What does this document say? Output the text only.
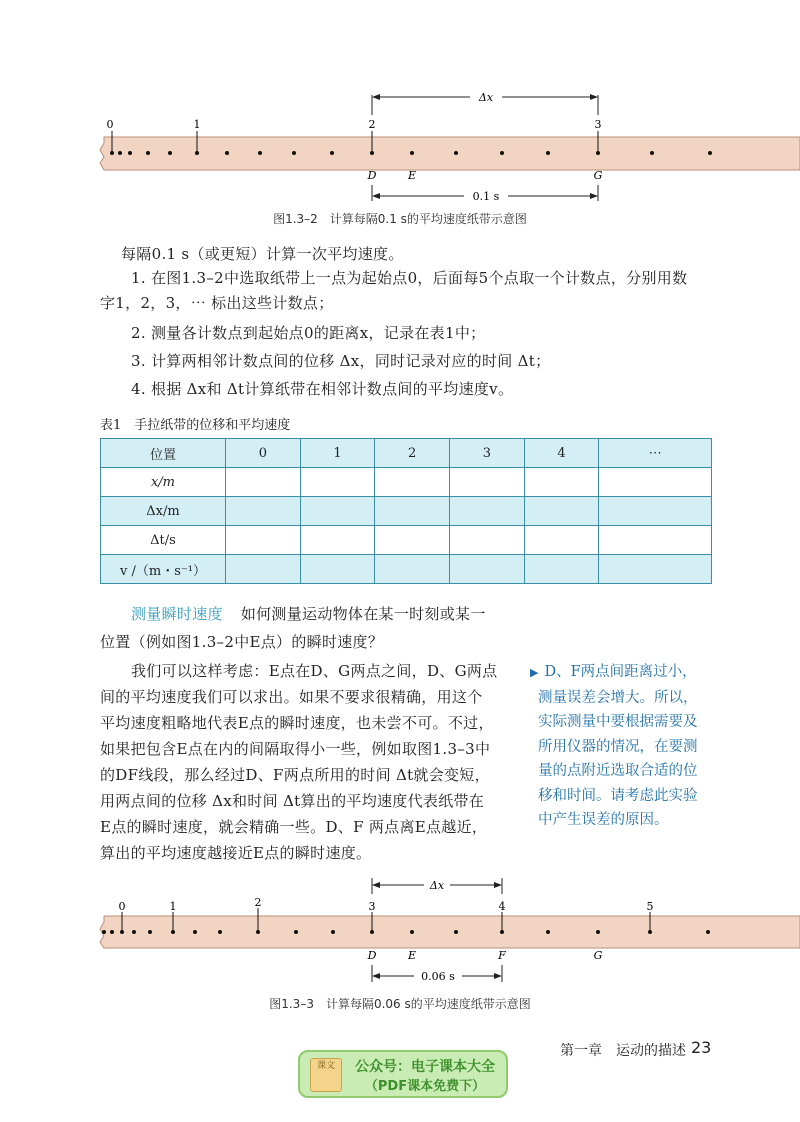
Δx
0	1	2	3
D	E	G
0.1 s
图1.3–2　计算每隔0.1 s的平均速度纸带示意图
每隔0.1 s（或更短）计算一次平均速度。
1. 在图1.3–2中选取纸带上一点为起始点0，后面每5个点取一个计数点，分别用数
字1，2，3，⋯ 标出这些计数点；
2. 测量各计数点到起始点0的距离x，记录在表1中；
3. 计算两相邻计数点间的位移 Δx，同时记录对应的时间 Δt；
4. 根据 Δx和 Δt计算纸带在相邻计数点间的平均速度v。
表1　手拉纸带的位移和平均速度
位置	0	1	2	3	4	⋯
x/m						
Δx/m						
Δt/s						
v /（m・s⁻¹）						
测量瞬时速度 如何测量运动物体在某一时刻或某一
位置（例如图1.3–2中E点）的瞬时速度？
我们可以这样考虑：E点在D、G两点之间，D、G两点
间的平均速度我们可以求出。如果不要求很精确，用这个
平均速度粗略地代表E点的瞬时速度，也未尝不可。不过，
如果把包含E点在内的间隔取得小一些，例如取图1.3–3中
的DF线段，那么经过D、F两点所用的时间 Δt就会变短，
用两点间的位移 Δx和时间 Δt算出的平均速度代表纸带在
E点的瞬时速度，就会精确一些。D、F 两点离E点越近，
算出的平均速度越接近E点的瞬时速度。
▶ D、F两点间距离过小，
测量误差会增大。所以，
实际测量中要根据需要及
所用仪器的情况，在要测
量的点附近选取合适的位
移和时间。请考虑此实验
中产生误差的原因。
Δx
0	1	2	3	4	5
D	E	F	G
0.06 s
图1.3–3　计算每隔0.06 s的平均速度纸带示意图
第一章　运动的描述 23
课文	公众号：电子课本大全
（PDF课本免费下）
